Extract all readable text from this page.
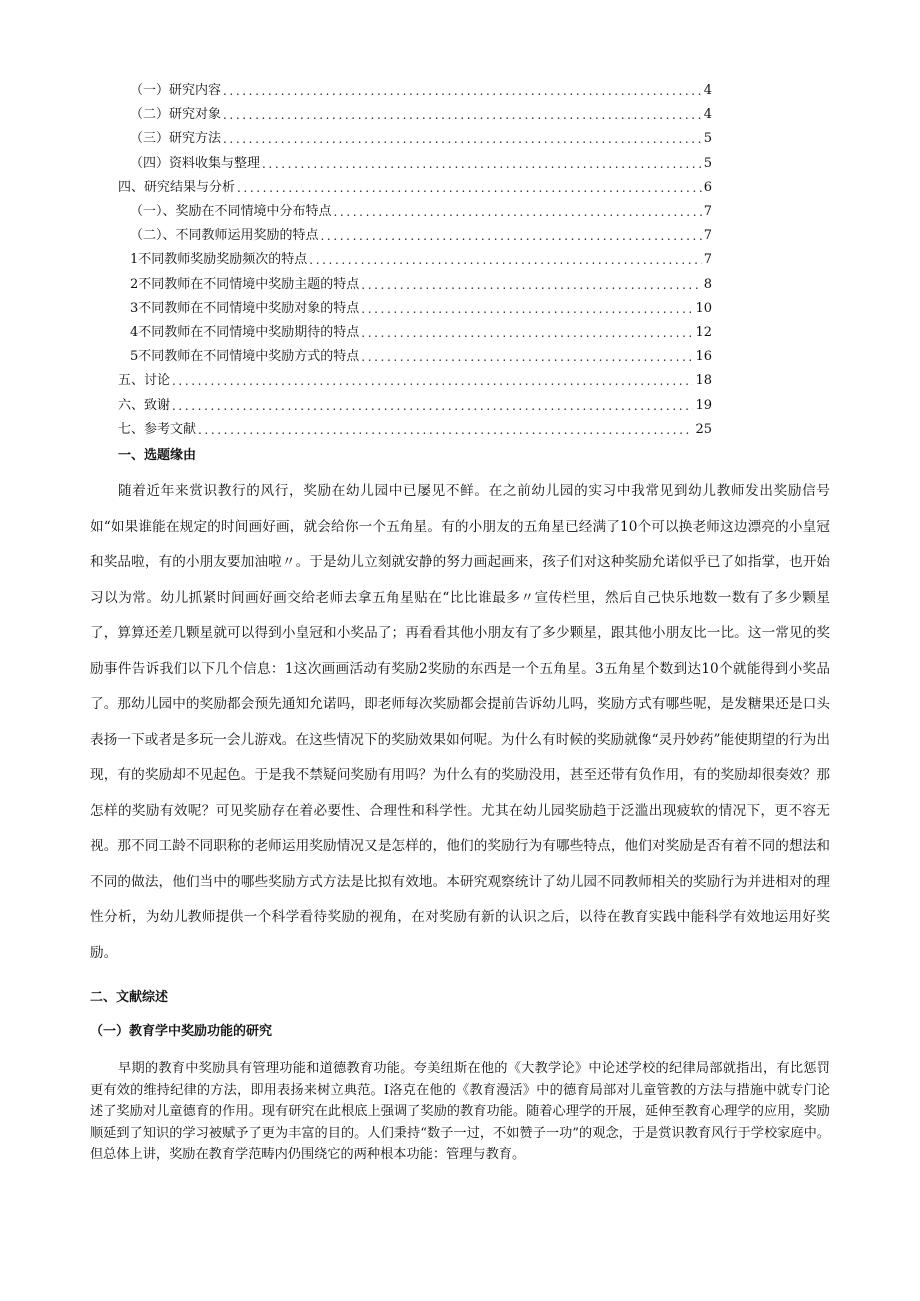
（一）研究内容 .....	4
（二）研究对象 .....	4
（三）研究方法 .....	5
（四）资料收集与整理 .....	5
四、研究结果与分析 .....	6
（一）、奖励在不同情境中分布特点 .....	7
（二）、不同教师运用奖励的特点 .....	7
1不同教师奖励奖励频次的特点 .....	7
2不同教师在不同情境中奖励主题的特点 .....	8
3不同教师在不同情境中奖励对象的特点 .....	10
4不同教师在不同情境中奖励期待的特点 .....	12
5不同教师在不同情境中奖励方式的特点 .....	16
五、讨论 .....	18
六、致谢 .....	19
七、参考文献 .....	25
一、选题缘由
随着近年来赏识教行的风行，奖励在幼儿园中已屡见不鲜。在之前幼儿园的实习中我常见到幼儿教师发出奖励信号如“如果谁能在规定的时间画好画，就会给你一个五角星。有的小朋友的五角星已经满了10个可以换老师这边漂亮的小皇冠和奖品啦，有的小朋友要加油啦〃。于是幼儿立刻就安静的努力画起画来，孩子们对这种奖励允诺似乎已了如指掌，也开始习以为常。幼儿抓紧时间画好画交给老师去拿五角星贴在“比比谁最多〃宣传栏里，然后自己快乐地数一数有了多少颗星了，算算还差几颗星就可以得到小皇冠和小奖品了；再看看其他小朋友有了多少颗星，跟其他小朋友比一比。这一常见的奖励事件告诉我们以下几个信息：1这次画画活动有奖励2奖励的东西是一个五角星。3五角星个数到达10个就能得到小奖品了。那幼儿园中的奖励都会预先通知允诺吗，即老师每次奖励都会提前告诉幼儿吗，奖励方式有哪些呢，是发糖果还是口头表扬一下或者是多玩一会儿游戏。在这些情况下的奖励效果如何呢。为什么有时候的奖励就像“灵丹妙药”能使期望的行为出现，有的奖励却不见起色。于是我不禁疑问奖励有用吗？为什么有的奖励没用，甚至还带有负作用，有的奖励却很奏效？那怎样的奖励有效呢？可见奖励存在着必要性、合理性和科学性。尤其在幼儿园奖励趋于泛滥出现疲软的情况下，更不容无视。那不同工龄不同职称的老师运用奖励情况又是怎样的，他们的奖励行为有哪些特点，他们对奖励是否有着不同的想法和不同的做法，他们当中的哪些奖励方式方法是比拟有效地。本研究观察统计了幼儿园不同教师相关的奖励行为并进相对的理性分析，为幼儿教师提供一个科学看待奖励的视角，在对奖励有新的认识之后，以待在教育实践中能科学有效地运用好奖励。
二、文献综述
（一）教育学中奖励功能的研究
早期的教育中奖励具有管理功能和道德教育功能。夸美纽斯在他的《大教学论》中论述学校的纪律局部就指出，有比惩罚更有效的维持纪律的方法，即用表扬来树立典范。I洛克在他的《教育漫活》中的德育局部对儿童管教的方法与措施中就专门论述了奖励对儿童德育的作用。现有研究在此根底上强调了奖励的教育功能。随着心理学的开展，延伸至教育心理学的应用，奖励顺延到了知识的学习被赋予了更为丰富的目的。人们秉持“数子一过，不如赞子一功”的观念，于是赏识教育风行于学校家庭中。但总体上讲，奖励在教育学范畴内仍围绕它的两种根本功能：管理与教育。
